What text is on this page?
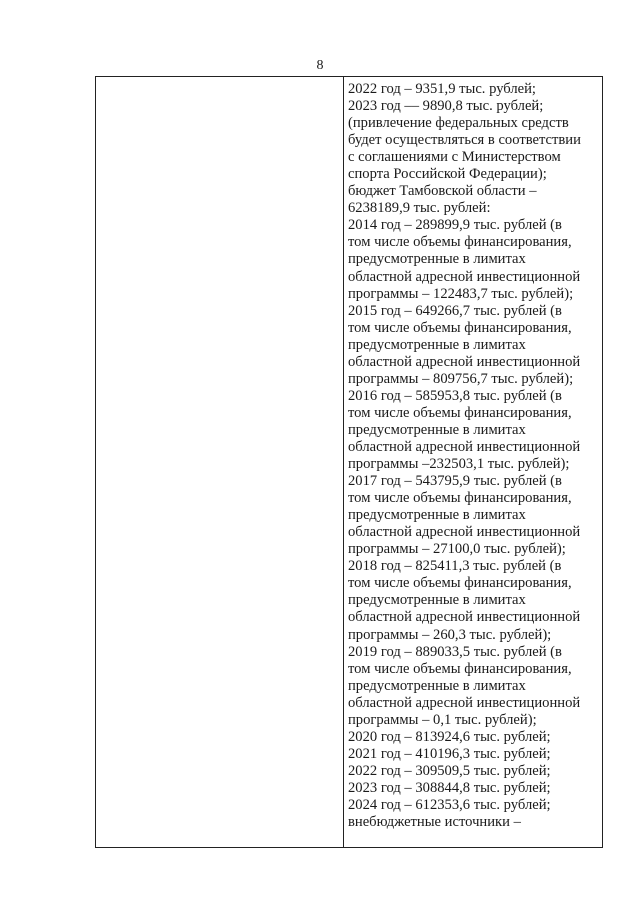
8

2022 год – 9351,9 тыс. рублей;
2023 год –– 9890,8 тыс. рублей;
(привлечение федеральных средств
будет осуществляться в соответствии
с соглашениями с Министерством
спорта Российской Федерации);
бюджет Тамбовской области –
6238189,9 тыс. рублей:
2014 год – 289899,9 тыс. рублей (в
том числе объемы финансирования,
предусмотренные в лимитах
областной адресной инвестиционной
программы – 122483,7 тыс. рублей);
2015 год – 649266,7 тыс. рублей (в
том числе объемы финансирования,
предусмотренные в лимитах
областной адресной инвестиционной
программы – 809756,7 тыс. рублей);
2016 год – 585953,8 тыс. рублей (в
том числе объемы финансирования,
предусмотренные в лимитах
областной адресной инвестиционной
программы –232503,1 тыс. рублей);
2017 год – 543795,9 тыс. рублей (в
том числе объемы финансирования,
предусмотренные в лимитах
областной адресной инвестиционной
программы – 27100,0 тыс. рублей);
2018 год – 825411,3 тыс. рублей (в
том числе объемы финансирования,
предусмотренные в лимитах
областной адресной инвестиционной
программы – 260,3 тыс. рублей);
2019 год – 889033,5 тыс. рублей (в
том числе объемы финансирования,
предусмотренные в лимитах
областной адресной инвестиционной
программы – 0,1 тыс. рублей);
2020 год – 813924,6 тыс. рублей;
2021 год – 410196,3 тыс. рублей;
2022 год – 309509,5 тыс. рублей;
2023 год – 308844,8 тыс. рублей;
2024 год – 612353,6 тыс. рублей;
внебюджетные источники –
